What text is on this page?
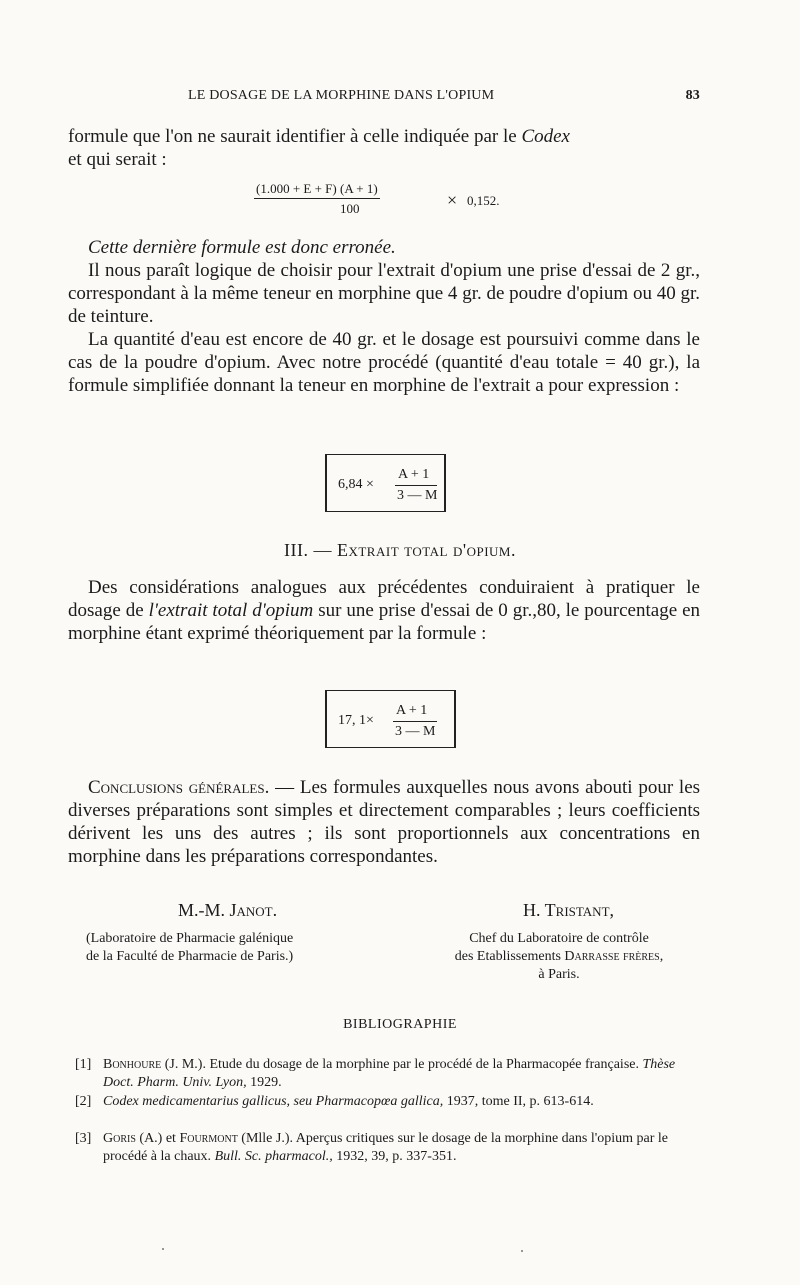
LE DOSAGE DE LA MORPHINE DANS L'OPIUM	83

formule que l'on ne saurait identifier à celle indiquée par le Codex

et qui serait :

(1.000 + E + F) (A + 1)
100	× 0,152.

Cette dernière formule est donc erronée.

Il nous paraît logique de choisir pour l'extrait d'opium une prise d'essai de 2 gr., correspondant à la même teneur en morphine que 4 gr. de poudre d'opium ou 40 gr. de teinture.

La quantité d'eau est encore de 40 gr. et le dosage est poursuivi comme dans le cas de la poudre d'opium. Avec notre procédé (quantité d'eau totale = 40 gr.), la formule simplifiée donnant la teneur en morphine de l'extrait a pour expression :

6,84 ×
A + 1
3 — M
III. — Extrait total d'opium.

Des considérations analogues aux précédentes conduiraient à pratiquer le dosage de l'extrait total d'opium sur une prise d'essai de 0 gr.,80, le pourcentage en morphine étant exprimé théoriquement par la formule :

17, 1×
A + 1
3 — M

Conclusions générales. — Les formules auxquelles nous avons abouti pour les diverses préparations sont simples et directement comparables ; leurs coefficients dérivent les uns des autres ; ils sont proportionnels aux concentrations en morphine dans les préparations correspondantes.

M.-M. Janot.	H. Tristant,
(Laboratoire de Pharmacie galénique
de la Faculté de Pharmacie de Paris.)
Chef du Laboratoire de contrôle
des Etablissements Darrasse frères,
à Paris.
BIBLIOGRAPHIE
[1] Bonhoure (J. M.). Etude du dosage de la morphine par le procédé de la Pharmacopée française. Thèse Doct. Pharm. Univ. Lyon, 1929.
[2] Codex medicamentarius gallicus, seu Pharmacopœa gallica, 1937, tome II, p. 613-614.
[3] Goris (A.) et Fourmont (Mlle J.). Aperçus critiques sur le dosage de la morphine dans l'opium par le procédé à la chaux. Bull. Sc. pharmacol., 1932, 39, p. 337-351.
